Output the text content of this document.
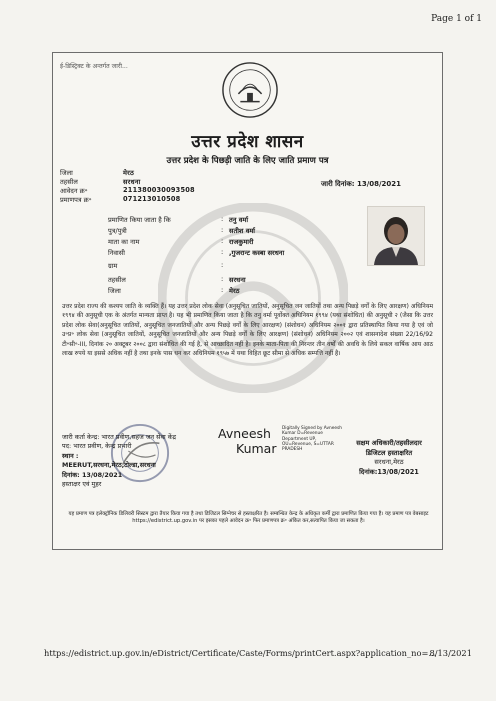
Page 1 of 1
ई-डिस्ट्रिक्ट के अन्तर्गत जारी...
उत्तर प्रदेश शासन
उत्तर प्रदेश के पिछड़ी जाति के लिए जाति प्रमाण पत्र
जिला	मेरठ
तहसील	सरधना
आवेदन क्र॰	211380030093508
प्रमाणपत्र क्र॰	071213010508
जारी दिनांक: 13/08/2021
प्रमाणित किया जाता है कि	: तनु वर्मा
पुत्र/पुत्री	: सतीश वर्मा
माता का नाम	: राजकुमारी
निवासी	: ,गुजरान्ट कस्बा सरधना
ग्राम	:
तहसील	: सरधना
जिला	: मेरठ
उत्तर प्रदेश राज्य की कश्यप जाति के व्यक्ति हैं। यह उत्तर प्रदेश लोक सेवा (अनुसूचित जातियों, अनुसूचित जन जातियों तथा अन्य पिछड़े वर्गों के लिए आरक्षण) अधिनियम १९९४ की अनुसूची एक के अंतर्गत मान्यता प्राप्त है। यह भी प्रमाणित किया जाता है कि तनु वर्मा पूर्वोक्त अधिनियम १९९४ (यथा संशोधित) की अनुसूची २ (जैसा कि उत्तर प्रदेश लोक सेवा(अनुसूचित जातियों, अनुसूचित जनजातियों और अन्य पिछड़े वर्गों के लिए आरक्षण) (संशोधन) अधिनियम २००१ द्वारा प्रतिस्थापित किया गया है एवं जो उ॰प्र॰ लोक सेवा (अनुसूचित जातियों, अनुसूचित जनजातियों और अन्य पिछड़े वर्गों के लिए आरक्षण) (संशोधन) अधिनियम २००२ एवं शासनादेश संख्या 22/16/92 टी॰सी॰-III, दिनांक २० अक्टूबर २००८ द्वारा संशोधित की गई है, से आच्छादित नहीं है। इनके माता-पिता की निरन्तर तीन वर्षों की अवधि के लिये सकल वार्षिक आय आठ लाख रुपये या इससे अधिक नहीं है तथा इनके पास धन कर अधिनियम १९५७ में यथा विहित छूट सीमा से अधिक सम्पत्ति नहीं है।
जारी कर्ता केन्द्र: भारत प्रवीण,सहज जन सेवा केंद्र
पद: भारत प्रवीण, केन्द्र प्रभारी
स्थान :
MEERUT,सरधना,मेरठ,टोल्डा,सरधना
दिनांक: 13/08/2021
हस्ताक्षर एवं मुहर
Avneesh
Kumar
Digitally Signed by Avneesh Kumar D=Revenue Department UP, OU=Revenue, S=UTTAR PRADESH
सक्षम अधिकारी/तहसीलदार
डिजिटल हस्ताक्षरित
सरधना,मेरठ
दिनांक:13/08/2021
यह प्रमाण पत्र इलेक्ट्रॉनिक डिलिवरी सिस्टम द्वारा तैयार किया गया है तथा डिजिटल सिग्नेचर से हस्ताक्षरित है। सम्बन्धित केन्द्र के अधिकृत कर्मी द्वारा प्रमाणित किया गया है। यह प्रमाण पत्र वेबसाइट https://edistrict.up.gov.in पर इसका पहले आवेदन क्र॰ फिर प्रमाणपत्र क्र॰ अंकित कर,सत्यापित किया जा सकता है।
https://edistrict.up.gov.in/eDistrict/Certificate/Caste/Forms/printCert.aspx?application_no=...
8/13/2021
